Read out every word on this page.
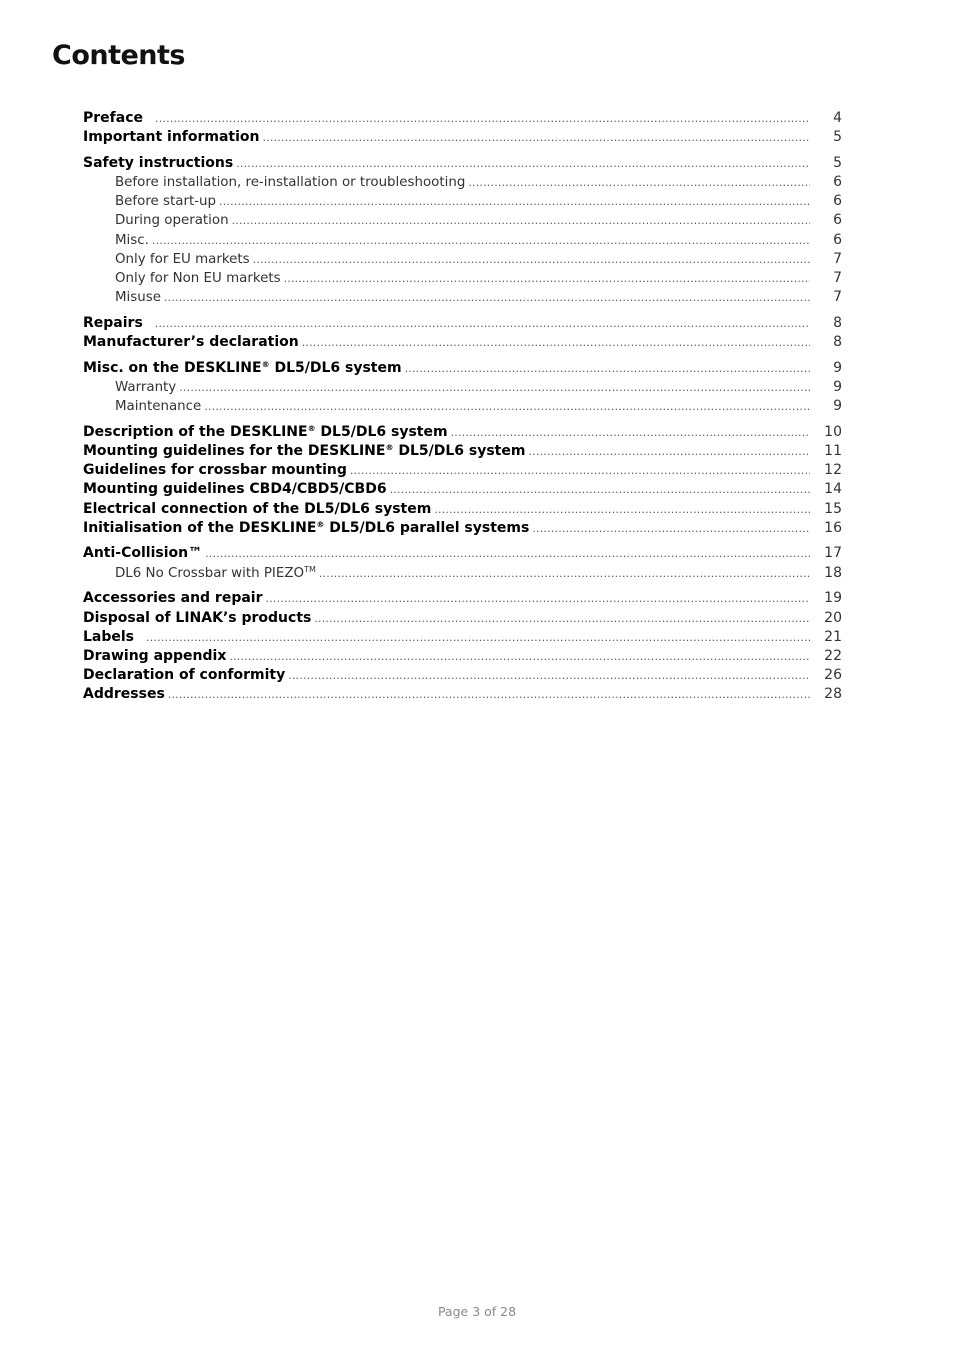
Contents
Preface .....	4
Important information .....	5
Safety instructions .....	5
Before installation, re-installation or troubleshooting .....	6
Before start-up .....	6
During operation .....	6
Misc. .....	6
Only for EU markets .....	7
Only for Non EU markets .....	7
Misuse .....	7
Repairs .....	8
Manufacturer’s declaration .....	8
Misc. on the DESKLINE® DL5/DL6 system .....	9
Warranty .....	9
Maintenance .....	9
Description of the DESKLINE® DL5/DL6 system .....	10
Mounting guidelines for the DESKLINE® DL5/DL6 system .....	11
Guidelines for crossbar mounting .....	12
Mounting guidelines CBD4/CBD5/CBD6 .....	14
Electrical connection of the DL5/DL6 system .....	15
Initialisation of the DESKLINE® DL5/DL6 parallel systems .....	16
Anti-Collision™ .....	17
DL6 No Crossbar with PIEZO™ .....	18
Accessories and repair .....	19
Disposal of LINAK’s products .....	20
Labels .....	21
Drawing appendix .....	22
Declaration of conformity .....	26
Addresses .....	28
Page 3 of 28
